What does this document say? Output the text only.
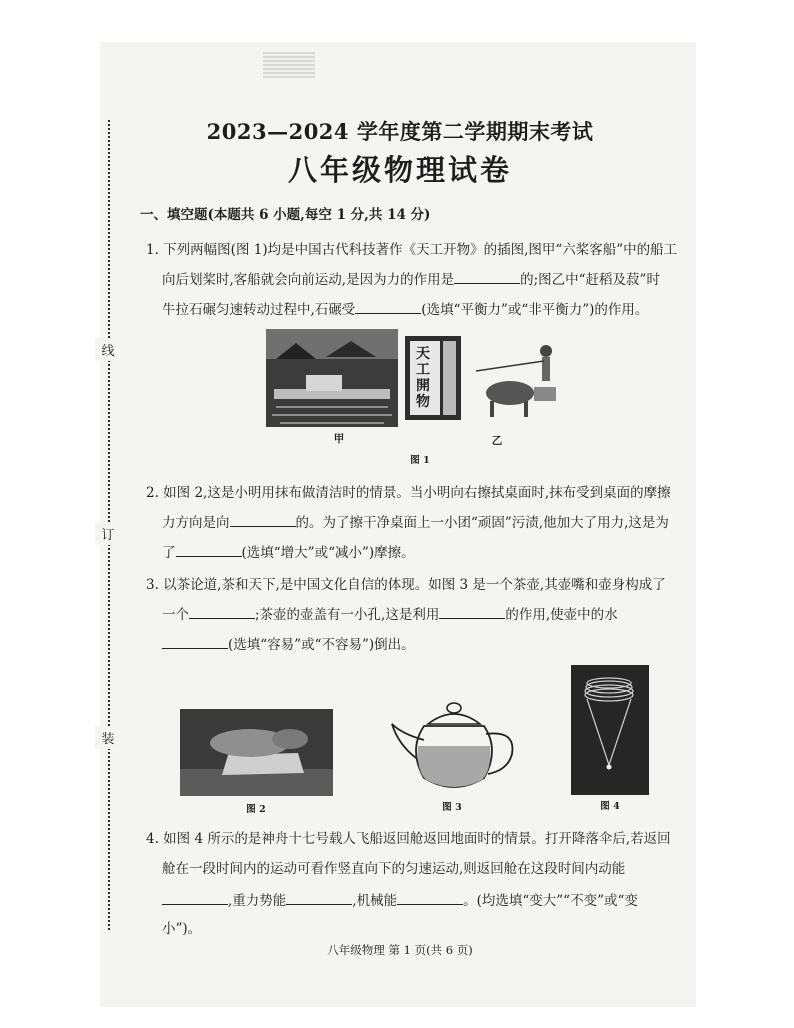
线
订
装
2023—2024 学年度第二学期期末考试
八年级物理试卷
一、填空题(本题共 6 小题,每空 1 分,共 14 分)
1. 下列两幅图(图 1)均是中国古代科技著作《天工开物》的插图,图甲“六桨客船”中的船工
向后划桨时,客船就会向前运动,是因为力的作用是	的;图乙中“赶稻及菽”时
牛拉石碾匀速转动过程中,石碾受	(选填“平衡力”或“非平衡力”)的作用。
天工
開物
甲	乙
图 1
2. 如图 2,这是小明用抹布做清洁时的情景。当小明向右擦拭桌面时,抹布受到桌面的摩擦
力方向是向	的。为了擦干净桌面上一小团“顽固”污渍,他加大了用力,这是为
了	(选填“增大”或“减小”)摩擦。
3. 以茶论道,茶和天下,是中国文化自信的体现。如图 3 是一个茶壶,其壶嘴和壶身构成了
一个	;茶壶的壶盖有一小孔,这是利用	的作用,使壶中的水
(选填“容易”或“不容易”)倒出。
图 2	图 3	图 4
4. 如图 4 所示的是神舟十七号载人飞船返回舱返回地面时的情景。打开降落伞后,若返回
舱在一段时间内的运动可看作竖直向下的匀速运动,则返回舱在这段时间内动能
,重力势能	,机械能	。(均选填“变大”“不变”或“变
小”)。
八年级物理 第 1 页(共 6 页)
